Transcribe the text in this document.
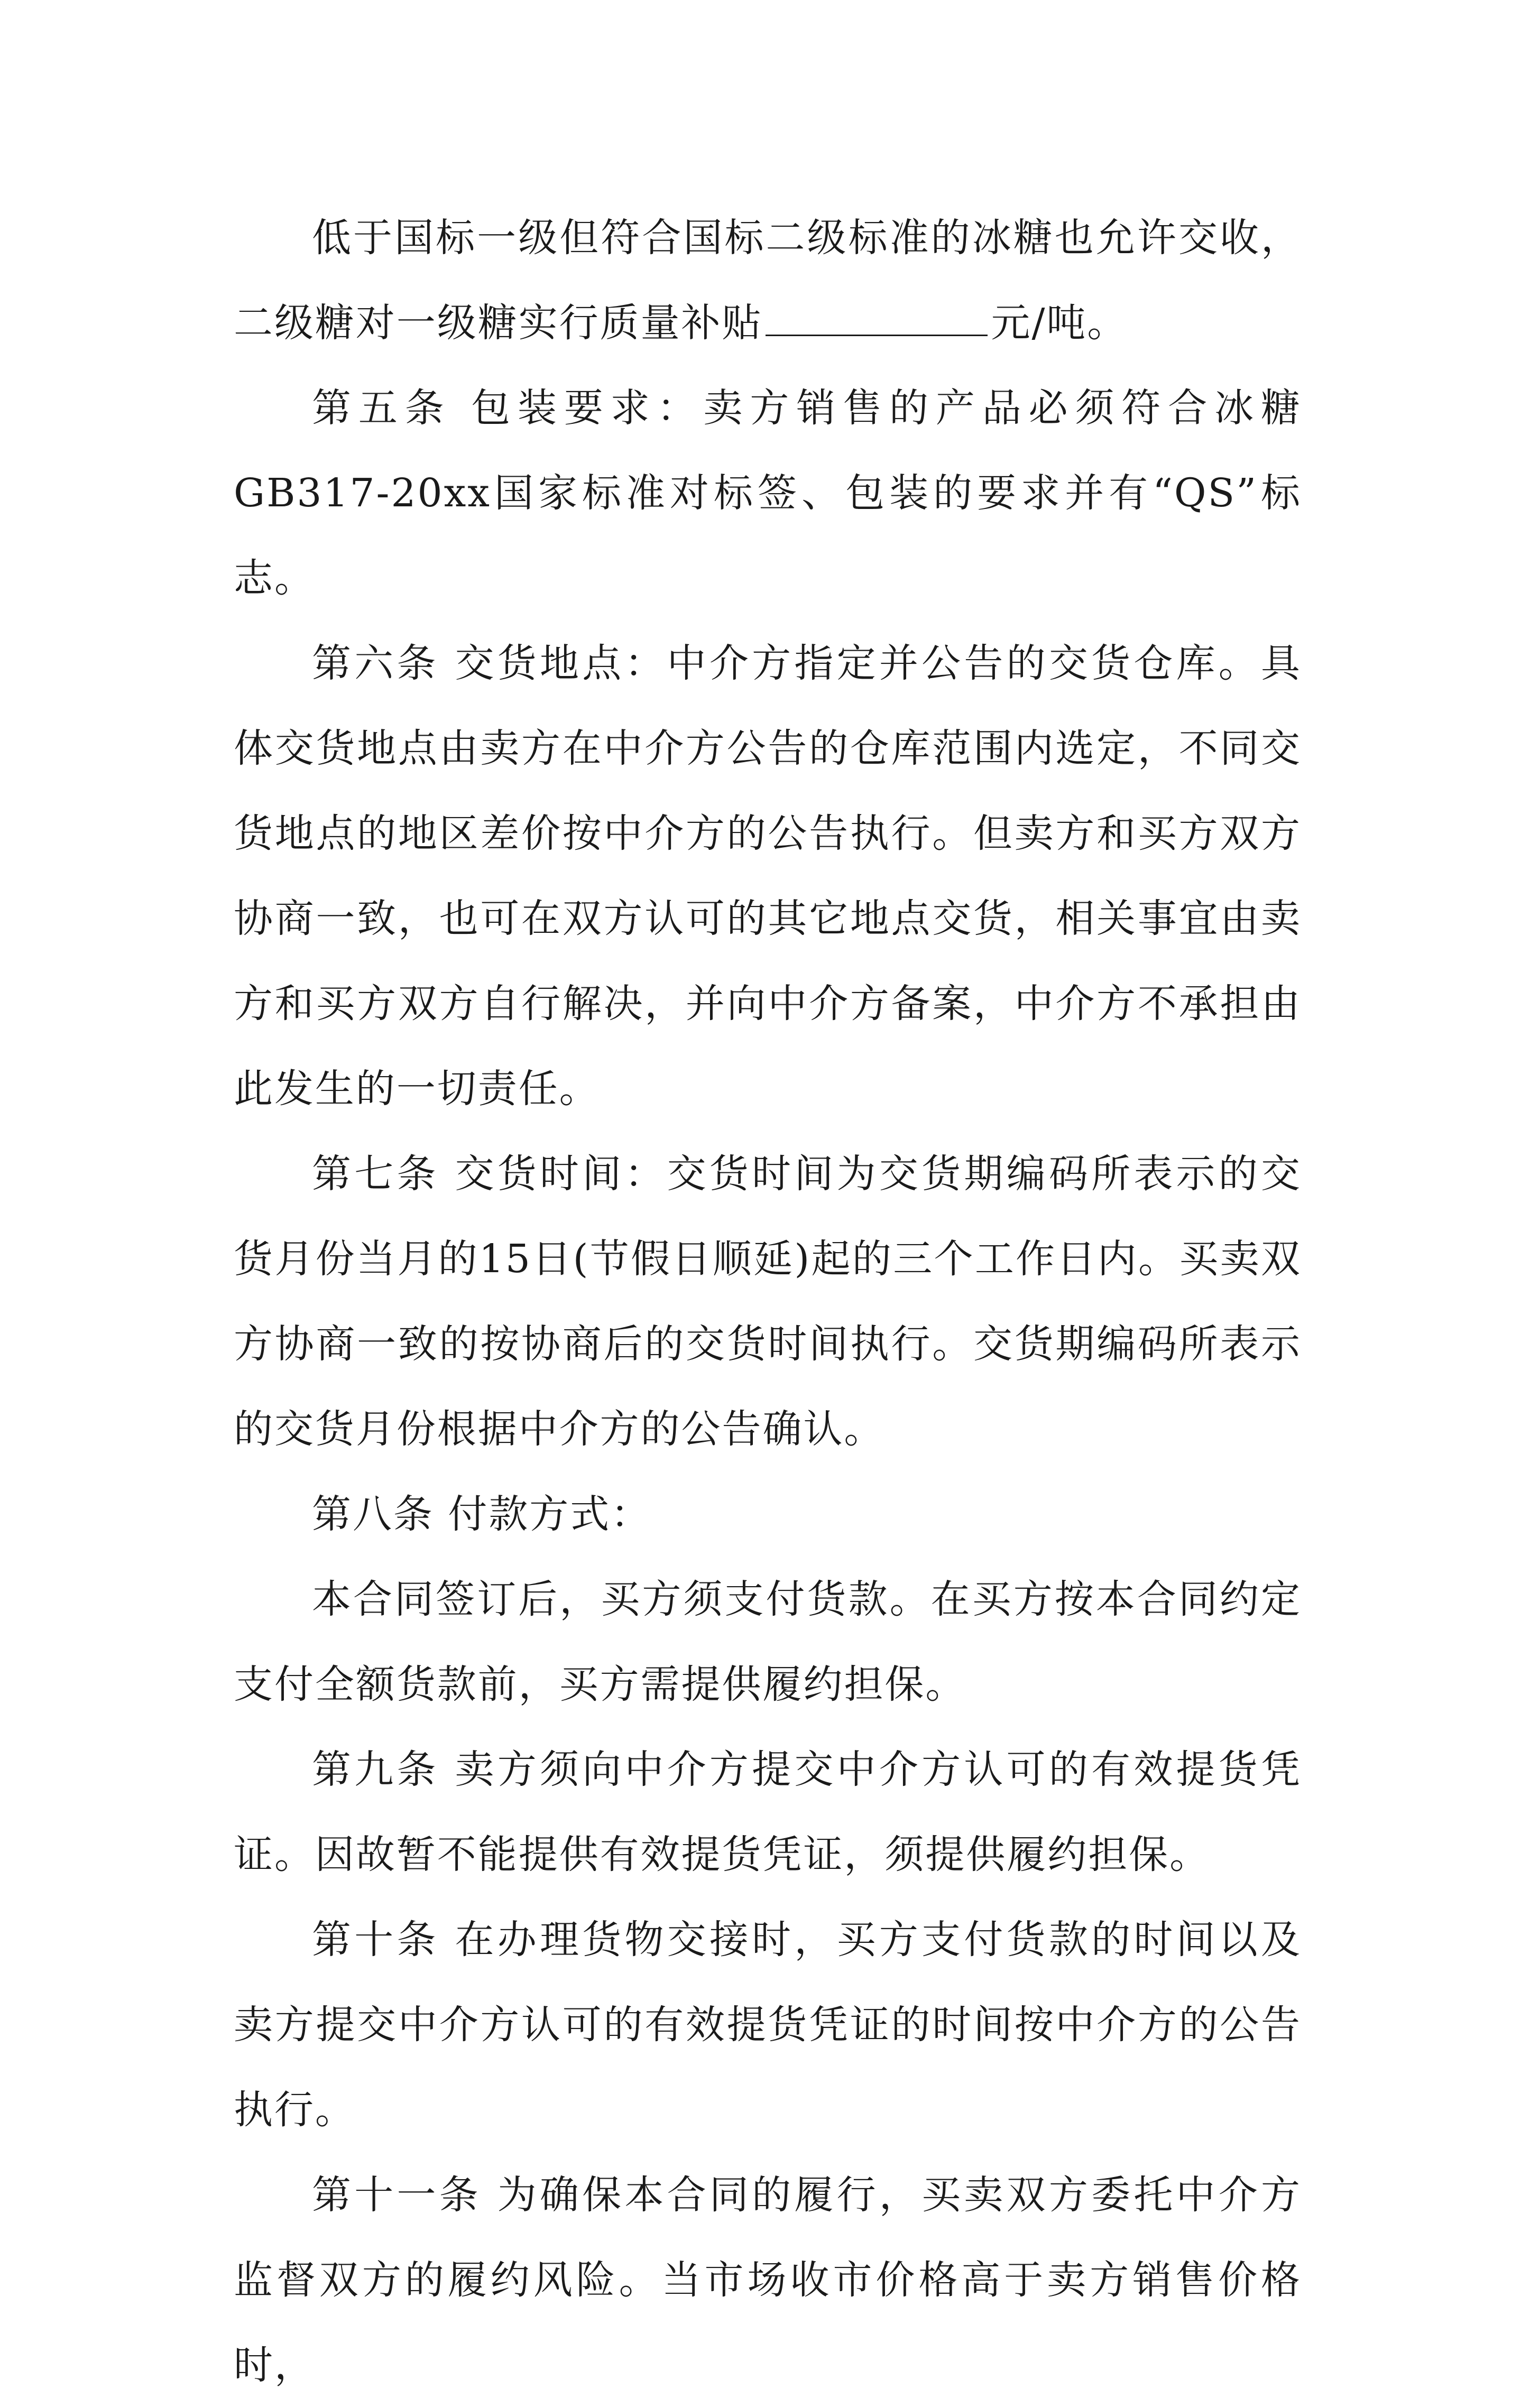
低于国标一级但符合国标二级标准的冰糖也允许交收，二级糖对一级糖实行质量补贴	元/吨。

第五条 包装要求：卖方销售的产品必须符合冰糖GB317-20xx国家标准对标签、包装的要求并有“QS”标志。

第六条 交货地点：中介方指定并公告的交货仓库。具体交货地点由卖方在中介方公告的仓库范围内选定，不同交货地点的地区差价按中介方的公告执行。但卖方和买方双方协商一致，也可在双方认可的其它地点交货，相关事宜由卖方和买方双方自行解决，并向中介方备案，中介方不承担由此发生的一切责任。

第七条 交货时间：交货时间为交货期编码所表示的交货月份当月的15日(节假日顺延)起的三个工作日内。买卖双方协商一致的按协商后的交货时间执行。交货期编码所表示的交货月份根据中介方的公告确认。

第八条 付款方式：

本合同签订后，买方须支付货款。在买方按本合同约定支付全额货款前，买方需提供履约担保。

第九条 卖方须向中介方提交中介方认可的有效提货凭证。因故暂不能提供有效提货凭证，须提供履约担保。

第十条 在办理货物交接时，买方支付货款的时间以及卖方提交中介方认可的有效提货凭证的时间按中介方的公告执行。

第十一条 为确保本合同的履行，买卖双方委托中介方监督双方的履约风险。当市场收市价格高于卖方销售价格时，
